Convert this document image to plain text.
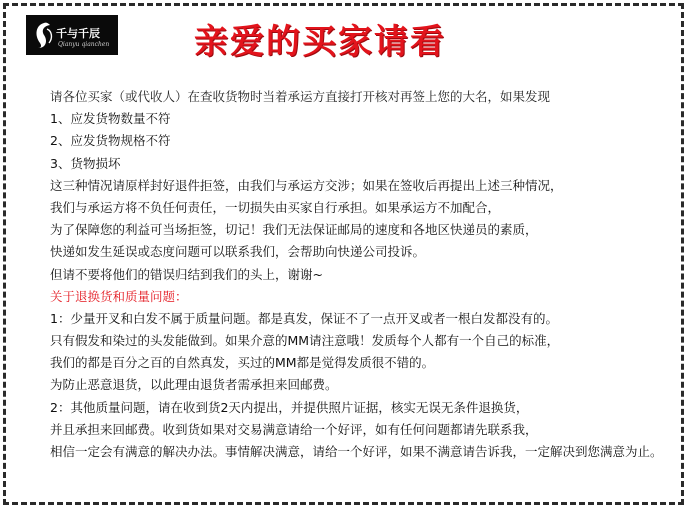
千与千辰
Qianyu qianchen	亲爱的买家请看
请各位买家（或代收人）在查收货物时当着承运方直接打开核对再签上您的大名，如果发现
1、应发货物数量不符
2、应发货物规格不符
3、货物损坏
这三种情况请原样封好退件拒签，由我们与承运方交涉；如果在签收后再提出上述三种情况，
我们与承运方将不负任何责任，一切损失由买家自行承担。如果承运方不加配合，
为了保障您的利益可当场拒签，切记！我们无法保证邮局的速度和各地区快递员的素质，
快递如发生延误或态度问题可以联系我们，会帮助向快递公司投诉。
但请不要将他们的错误归结到我们的头上，谢谢~
关于退换货和质量问题：
1：少量开叉和白发不属于质量问题。都是真发，保证不了一点开叉或者一根白发都没有的。
只有假发和染过的头发能做到。如果介意的MM请注意哦！发质每个人都有一个自己的标准，
我们的都是百分之百的自然真发，买过的MM都是觉得发质很不错的。
为防止恶意退货，以此理由退货者需承担来回邮费。
2：其他质量问题，请在收到货2天内提出，并提供照片证据，核实无误无条件退换货，
并且承担来回邮费。收到货如果对交易满意请给一个好评，如有任何问题都请先联系我，
相信一定会有满意的解决办法。事情解决满意，请给一个好评，如果不满意请告诉我，一定解决到您满意为止。
